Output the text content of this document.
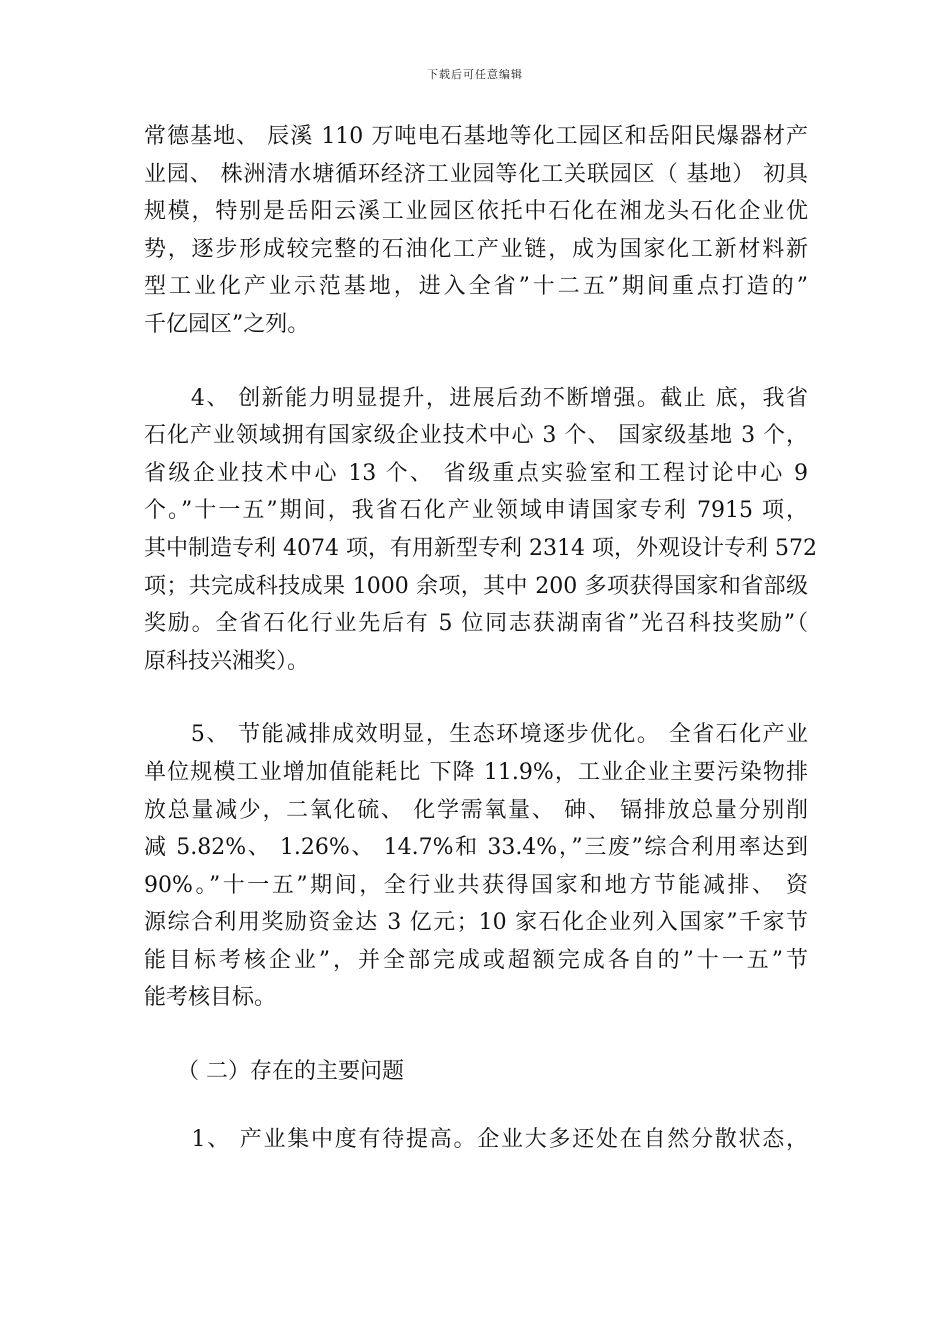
下载后可任意编辑
常德基地、 辰溪 110 万吨电石基地等化工园区和岳阳民爆器材产
业园、 株洲清水塘循环经济工业园等化工关联园区（ 基地） 初具
规模，特别是岳阳云溪工业园区依托中石化在湘龙头石化企业优
势，逐步形成较完整的石油化工产业链，成为国家化工新材料新
型工业化产业示范基地，进入全省”十二五”期间重点打造的”
千亿园区”之列。
　　4、 创新能力明显提升，进展后劲不断增强。截止 底，我省
石化产业领域拥有国家级企业技术中心 3 个、 国家级基地 3 个，
省级企业技术中心 13 个、 省级重点实验室和工程讨论中心 9
个。”十一五”期间，我省石化产业领域申请国家专利 7915 项，
其中制造专利 4074 项，有用新型专利 2314 项，外观设计专利 572
项；共完成科技成果 1000 余项，其中 200 多项获得国家和省部级
奖励。全省石化行业先后有 5 位同志获湖南省”光召科技奖励”（
原科技兴湘奖）。
　　5、 节能减排成效明显，生态环境逐步优化。 全省石化产业
单位规模工业增加值能耗比 下降 11.9%，工业企业主要污染物排
放总量减少，二氧化硫、 化学需氧量、 砷、 镉排放总量分别削
减 5.82%、 1.26%、 14.7%和 33.4%，”三废”综合利用率达到
90%。”十一五”期间，全行业共获得国家和地方节能减排、 资
源综合利用奖励资金达 3 亿元；10 家石化企业列入国家”千家节
能目标考核企业”，并全部完成或超额完成各自的”十一五”节
能考核目标。
　　（ 二）存在的主要问题
　　1、 产业集中度有待提高。企业大多还处在自然分散状态，
